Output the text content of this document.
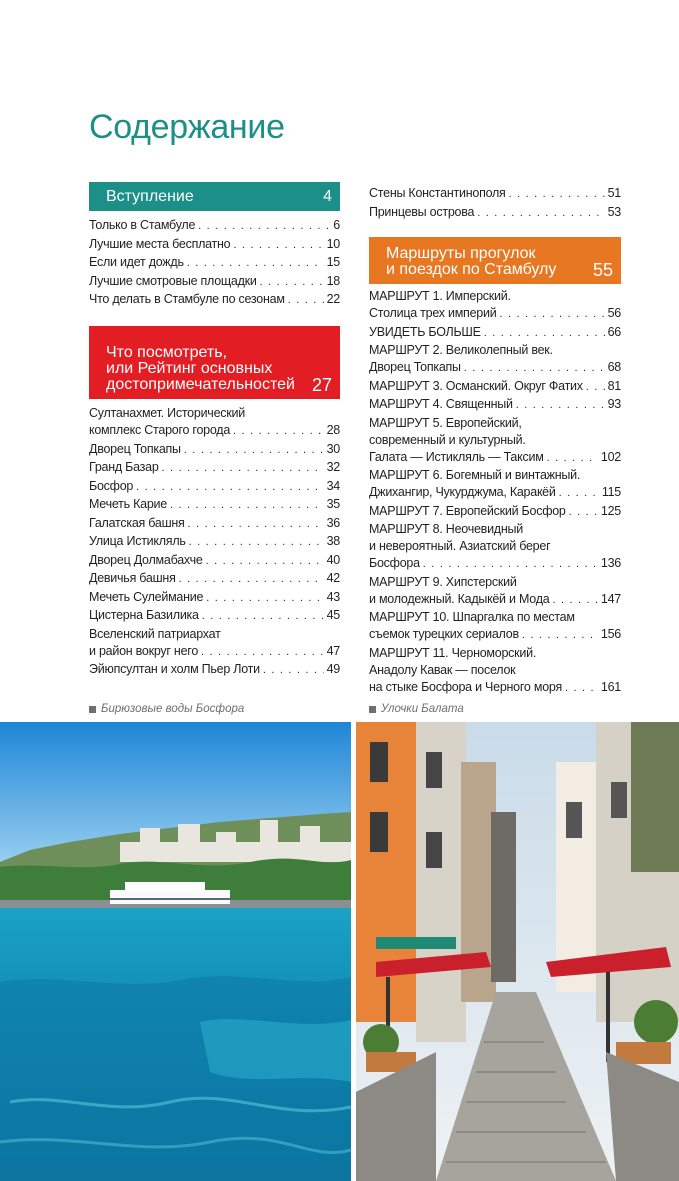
Содержание
Вступление	4
Только в Стамбуле . . .	6
Лучшие места бесплатно . . .	10
Если идет дождь . . .	15
Лучшие смотровые площадки . . .	18
Что делать в Стамбуле по сезонам . . .	22
Что посмотреть,
или Рейтинг основных
достопримечательностей 27
Султанахмет. Исторический
комплекс Старого города . . .	28
Дворец Топкапы . . .	30
Гранд Базар . . .	32
Босфор . . .	34
Мечеть Карие . . .	35
Галатская башня . . .	36
Улица Истикляль . . .	38
Дворец Долмабахче . . .	40
Девичья башня . . .	42
Мечеть Сулеймание . . .	43
Цистерна Базилика . . .	45
Вселенский патриархат
и район вокруг него . . .	47
Эйюпсултан и холм Пьер Лоти . . .	49
Стены Константинополя . . .	51
Принцевы острова . . .	53
Маршруты прогулок
и поездок по Стамбулу	55
МАРШРУТ 1. Имперский.
Столица трех империй . . .	56
УВИДЕТЬ БОЛЬШЕ . . .	66
МАРШРУТ 2. Великолепный век.
Дворец Топкапы . . .	68
МАРШРУТ 3. Османский. Округ Фатих . . . 81
МАРШРУТ 4. Священный . . .	93
МАРШРУТ 5. Европейский,
современный и культурный.
Галата — Истикляль — Таксим . . .	102
МАРШРУТ 6. Богемный и винтажный.
Джихангир, Чукурджума, Каракёй . . .	115
МАРШРУТ 7. Европейский Босфор . . .	125
МАРШРУТ 8. Неочевидный
и невероятный. Азиатский берег
Босфора . . .	136
МАРШРУТ 9. Хипстерский
и молодежный. Кадыкёй и Мода . . .	147
МАРШРУТ 10. Шпаргалка по местам
съемок турецких сериалов . . .	156
МАРШРУТ 11. Черноморский.
Анадолу Кавак — поселок
на стыке Босфора и Черного моря . . .	161
Бирюзовые воды Босфора	Улочки Балата
